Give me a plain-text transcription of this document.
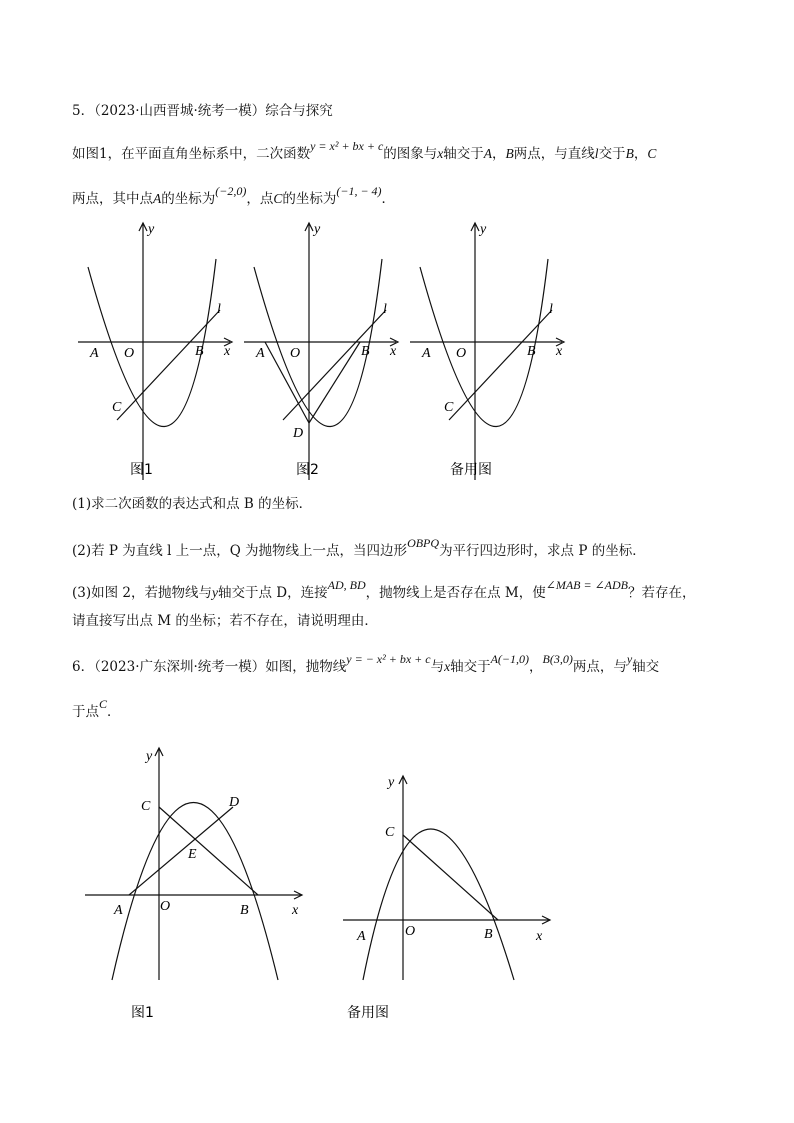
5．（2023·山西晋城·统考一模）综合与探究
如图1，在平面直角坐标系中，二次函数y = x² + bx + c的图象与x轴交于A，B两点，与直线l交于B，C
两点，其中点A的坐标为(−2,0)，点C的坐标为(−1, − 4)．
y
x
l
A O	B
C
图1
y
x
l
A O	B
D
图2
y
x
l
A O	B
C
备用图
(1)求二次函数的表达式和点 B 的坐标．
(2)若 P 为直线 l 上一点，Q 为抛物线上一点，当四边形OBPQ为平行四边形时，求点 P 的坐标．
(3)如图 2，若抛物线与y轴交于点 D，连接AD, BD，抛物线上是否存在点 M，使∠MAB = ∠ADB？若存在，
请直接写出点 M 的坐标；若不存在，请说明理由．
6．（2023·广东深圳·统考一模）如图，抛物线y = − x² + bx + c与x轴交于A(−1,0)，B(3,0)两点，与y轴交
于点C．
y
x
A	O	B
C	D
E
图1
y
x
A	O	B
C
备用图
